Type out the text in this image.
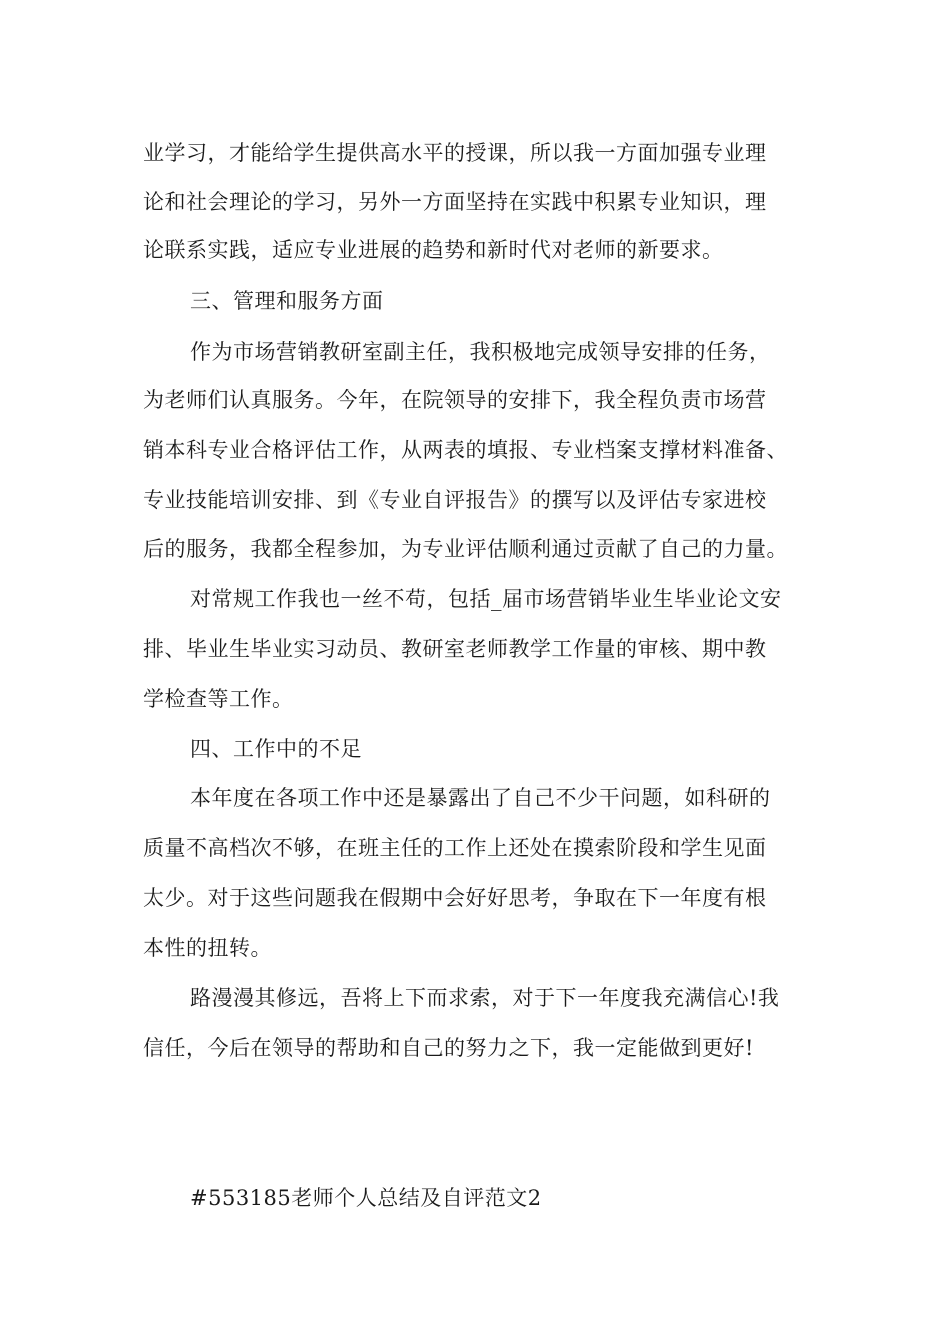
业学习，才能给学生提供高水平的授课，所以我一方面加强专业理
论和社会理论的学习，另外一方面坚持在实践中积累专业知识，理
论联系实践，适应专业进展的趋势和新时代对老师的新要求。
三、管理和服务方面
作为市场营销教研室副主任，我积极地完成领导安排的任务，
为老师们认真服务。今年，在院领导的安排下，我全程负责市场营
销本科专业合格评估工作，从两表的填报、专业档案支撑材料准备、
专业技能培训安排、到《专业自评报告》的撰写以及评估专家进校
后的服务，我都全程参加，为专业评估顺利通过贡献了自己的力量。
对常规工作我也一丝不苟，包括_届市场营销毕业生毕业论文安
排、毕业生毕业实习动员、教研室老师教学工作量的审核、期中教
学检查等工作。
四、工作中的不足
本年度在各项工作中还是暴露出了自己不少干问题，如科研的
质量不高档次不够，在班主任的工作上还处在摸索阶段和学生见面
太少。对于这些问题我在假期中会好好思考，争取在下一年度有根
本性的扭转。
路漫漫其修远，吾将上下而求索，对于下一年度我充满信心!我
信任，今后在领导的帮助和自己的努力之下，我一定能做到更好!
#553185老师个人总结及自评范文2
